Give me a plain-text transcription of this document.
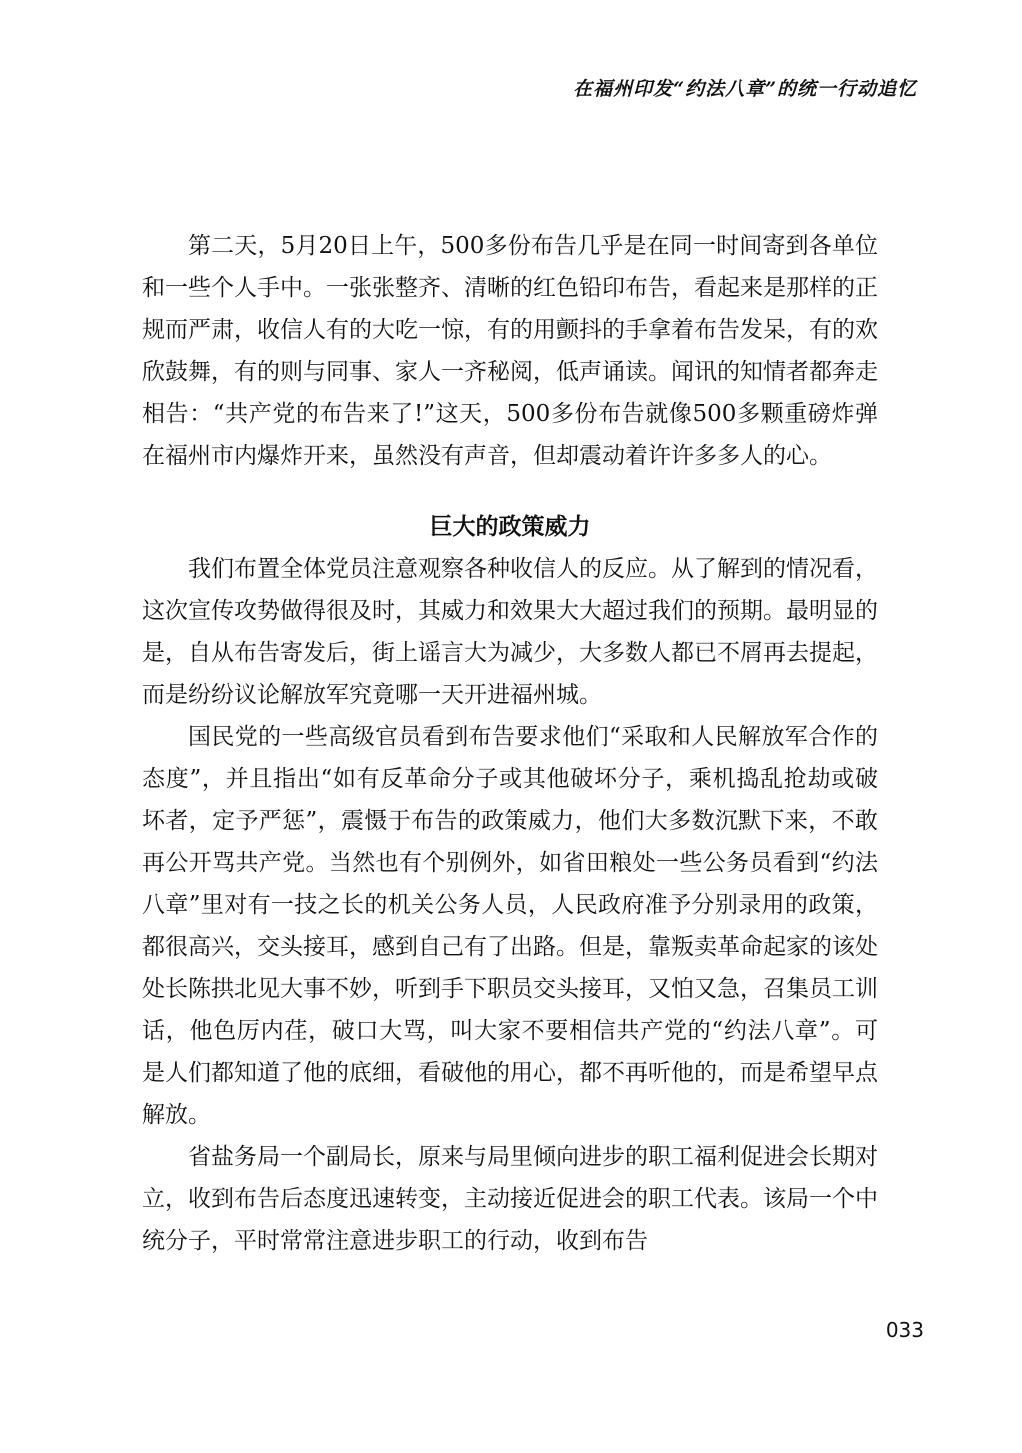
在福州印发“约法八章”的统一行动追忆

第二天，5月20日上午，500多份布告几乎是在同一时间寄到各单位和一些个人手中。一张张整齐、清晰的红色铅印布告，看起来是那样的正规而严肃，收信人有的大吃一惊，有的用颤抖的手拿着布告发呆，有的欢欣鼓舞，有的则与同事、家人一齐秘阅，低声诵读。闻讯的知情者都奔走相告：“共产党的布告来了!”这天，500多份布告就像500多颗重磅炸弹在福州市内爆炸开来，虽然没有声音，但却震动着许许多多人的心。

巨大的政策威力

我们布置全体党员注意观察各种收信人的反应。从了解到的情况看，这次宣传攻势做得很及时，其威力和效果大大超过我们的预期。最明显的是，自从布告寄发后，街上谣言大为减少，大多数人都已不屑再去提起，而是纷纷议论解放军究竟哪一天开进福州城。

国民党的一些高级官员看到布告要求他们“采取和人民解放军合作的态度”，并且指出“如有反革命分子或其他破坏分子，乘机捣乱抢劫或破坏者，定予严惩”，震慑于布告的政策威力，他们大多数沉默下来，不敢再公开骂共产党。当然也有个别例外，如省田粮处一些公务员看到“约法八章”里对有一技之长的机关公务人员，人民政府准予分别录用的政策，都很高兴，交头接耳，感到自己有了出路。但是，靠叛卖革命起家的该处处长陈拱北见大事不妙，听到手下职员交头接耳，又怕又急，召集员工训话，他色厉内荏，破口大骂，叫大家不要相信共产党的“约法八章”。可是人们都知道了他的底细，看破他的用心，都不再听他的，而是希望早点解放。

省盐务局一个副局长，原来与局里倾向进步的职工福利促进会长期对立，收到布告后态度迅速转变，主动接近促进会的职工代表。该局一个中统分子，平时常常注意进步职工的行动，收到布告

033
